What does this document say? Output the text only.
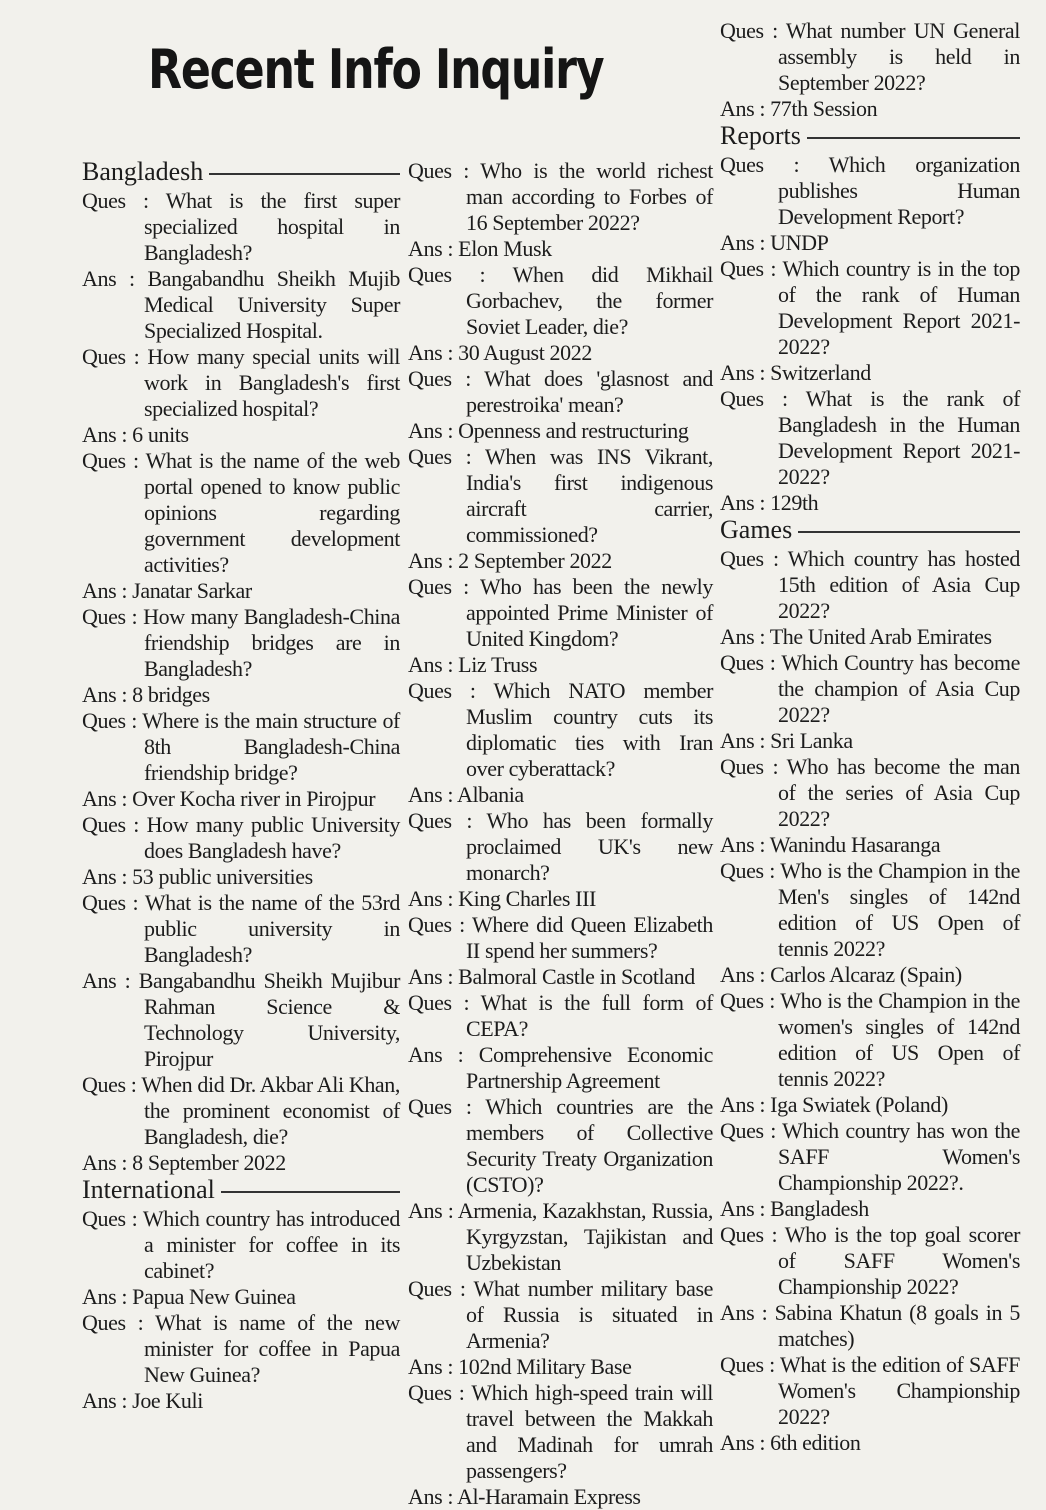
Recent Info Inquiry
Bangladesh
Ques : What is the first super specialized hospital in Bangladesh?
Ans : Bangabandhu Sheikh Mujib Medical University Super Specialized Hospital.
Ques : How many special units will work in Bangladesh's first specialized hospital?
Ans : 6 units
Ques : What is the name of the web portal opened to know public opinions regarding government development activities?
Ans : Janatar Sarkar
Ques : How many Bangladesh-China friendship bridges are in Bangladesh?
Ans : 8 bridges
Ques : Where is the main structure of 8th Bangladesh-China friendship bridge?
Ans : Over Kocha river in Pirojpur
Ques : How many public University does Bangladesh have?
Ans : 53 public universities
Ques : What is the name of the 53rd public university in Bangladesh?
Ans : Bangabandhu Sheikh Mujibur Rahman Science & Technology University, Pirojpur
Ques : When did Dr. Akbar Ali Khan, the prominent economist of Bangladesh, die?
Ans : 8 September 2022
International
Ques : Which country has introduced a minister for coffee in its cabinet?
Ans : Papua New Guinea
Ques : What is name of the new minister for coffee in Papua New Guinea?
Ans : Joe Kuli
Ques : Who is the world richest man according to Forbes of 16 September 2022?
Ans : Elon Musk
Ques : When did Mikhail Gorbachev, the former Soviet Leader, die?
Ans : 30 August 2022
Ques : What does 'glasnost and perestroika' mean?
Ans : Openness and restructuring
Ques : When was INS Vikrant, India's first indigenous aircraft carrier, commissioned?
Ans : 2 September 2022
Ques : Who has been the newly appointed Prime Minister of United Kingdom?
Ans : Liz Truss
Ques : Which NATO member Muslim country cuts its diplomatic ties with Iran over cyberattack?
Ans : Albania
Ques : Who has been formally proclaimed UK's new monarch?
Ans : King Charles III
Ques : Where did Queen Elizabeth II spend her summers?
Ans : Balmoral Castle in Scotland
Ques : What is the full form of CEPA?
Ans : Comprehensive Economic Partnership Agreement
Ques : Which countries are the members of Collective Security Treaty Organization (CSTO)?
Ans : Armenia, Kazakhstan, Russia, Kyrgyzstan, Tajikistan and Uzbekistan
Ques : What number military base of Russia is situated in Armenia?
Ans : 102nd Military Base
Ques : Which high-speed train will travel between the Makkah and Madinah for umrah passengers?
Ans : Al-Haramain Express
Ques : What number UN General assembly is held in September 2022?
Ans : 77th Session
Reports
Ques : Which organization publishes Human Development Report?
Ans : UNDP
Ques : Which country is in the top of the rank of Human Development Report 2021-2022?
Ans : Switzerland
Ques : What is the rank of Bangladesh in the Human Development Report 2021-2022?
Ans : 129th
Games
Ques : Which country has hosted 15th edition of Asia Cup 2022?
Ans : The United Arab Emirates
Ques : Which Country has become the champion of Asia Cup 2022?
Ans : Sri Lanka
Ques : Who has become the man of the series of Asia Cup 2022?
Ans : Wanindu Hasaranga
Ques : Who is the Champion in the Men's singles of 142nd edition of US Open of tennis 2022?
Ans : Carlos Alcaraz (Spain)
Ques : Who is the Champion in the women's singles of 142nd edition of US Open of tennis 2022?
Ans : Iga Swiatek (Poland)
Ques : Which country has won the SAFF Women's Championship 2022?.
Ans : Bangladesh
Ques : Who is the top goal scorer of SAFF Women's Championship 2022?
Ans : Sabina Khatun (8 goals in 5 matches)
Ques : What is the edition of SAFF Women's Championship 2022?
Ans : 6th edition
